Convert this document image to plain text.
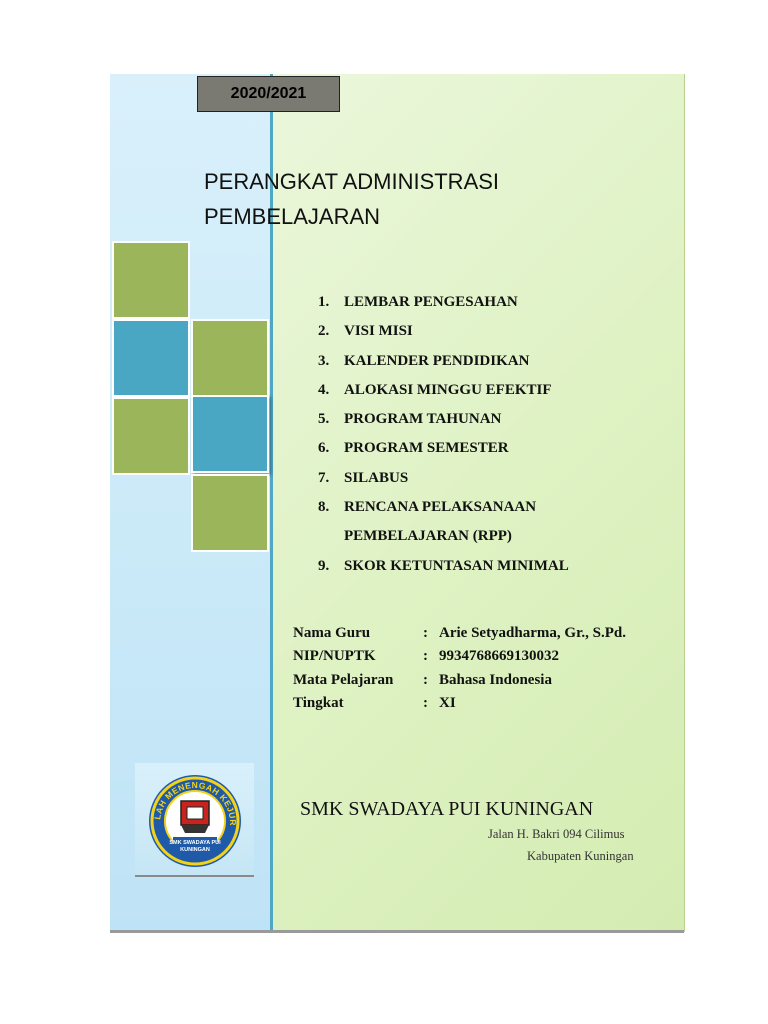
2020/2021
PERANGKAT ADMINISTRASI
PEMBELAJARAN
1. LEMBAR PENGESAHAN
2. VISI MISI
3. KALENDER PENDIDIKAN
4. ALOKASI MINGGU EFEKTIF
5. PROGRAM TAHUNAN
6. PROGRAM SEMESTER
7. SILABUS
8. RENCANA PELAKSANAAN
PEMBELAJARAN (RPP)
9. SKOR KETUNTASAN MINIMAL
Nama Guru	: Arie Setyadharma, Gr., S.Pd.
NIP/NUPTK	: 9934768669130032
Mata Pelajaran	: Bahasa Indonesia
Tingkat	: XI
LAH MENENGAH KEJUR
SMK SWADAYA PUI
KUNINGAN
SMK SWADAYA PUI KUNINGAN
Jalan H. Bakri 094 Cilimus
Kabupaten Kuningan
